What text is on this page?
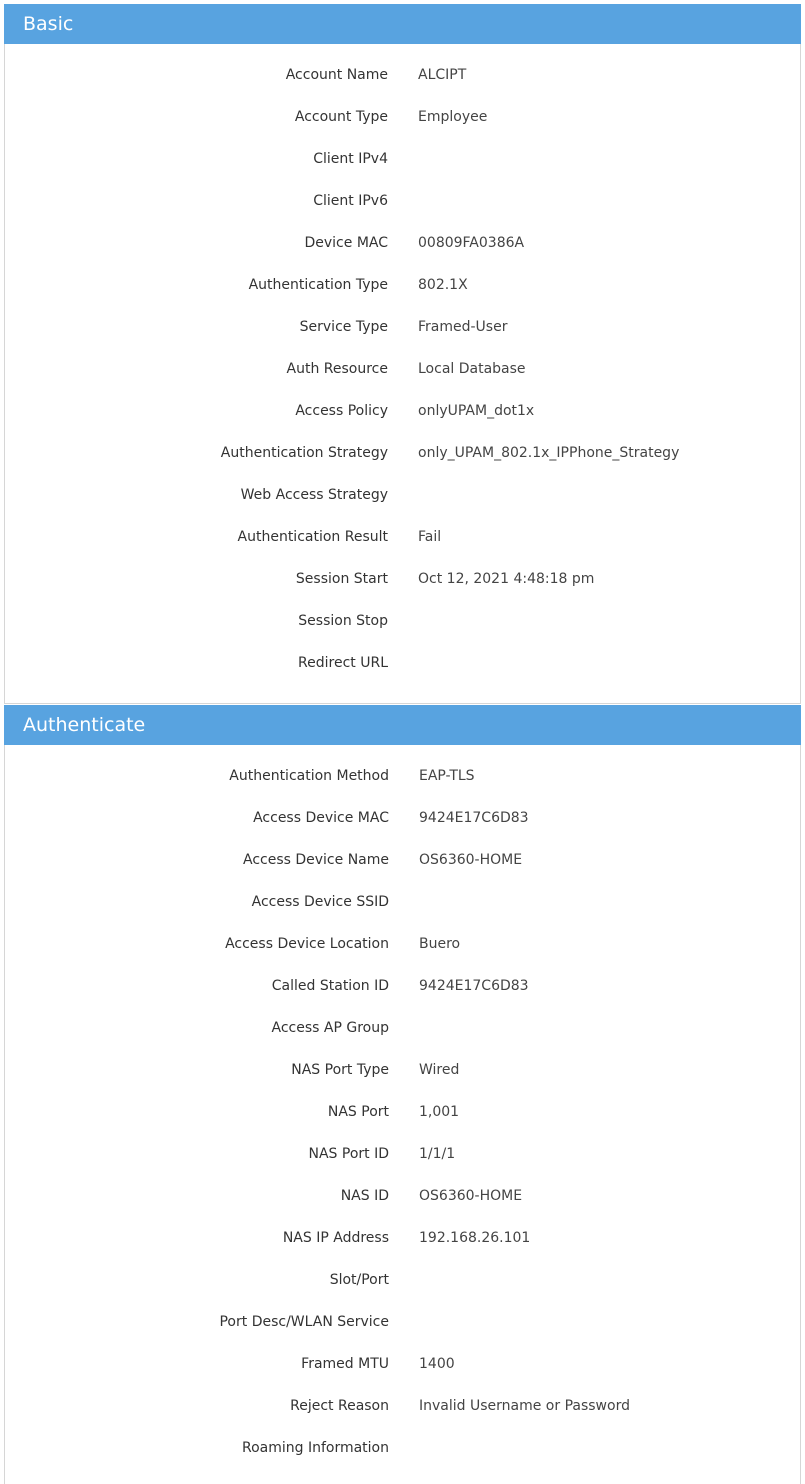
Basic
Account Name ALCIPT
Account Type Employee
Client IPv4
Client IPv6
Device MAC 00809FA0386A
Authentication Type 802.1X
Service Type Framed-User
Auth Resource Local Database
Access Policy onlyUPAM_dot1x
Authentication Strategy only_UPAM_802.1x_IPPhone_Strategy
Web Access Strategy
Authentication Result Fail
Session Start Oct 12, 2021 4:48:18 pm
Session Stop
Redirect URL
Authenticate
Authentication Method EAP-TLS
Access Device MAC 9424E17C6D83
Access Device Name OS6360-HOME
Access Device SSID
Access Device Location Buero
Called Station ID 9424E17C6D83
Access AP Group
NAS Port Type Wired
NAS Port 1,001
NAS Port ID 1/1/1
NAS ID OS6360-HOME
NAS IP Address 192.168.26.101
Slot/Port
Port Desc/WLAN Service
Framed MTU 1400
Reject Reason Invalid Username or Password
Roaming Information
